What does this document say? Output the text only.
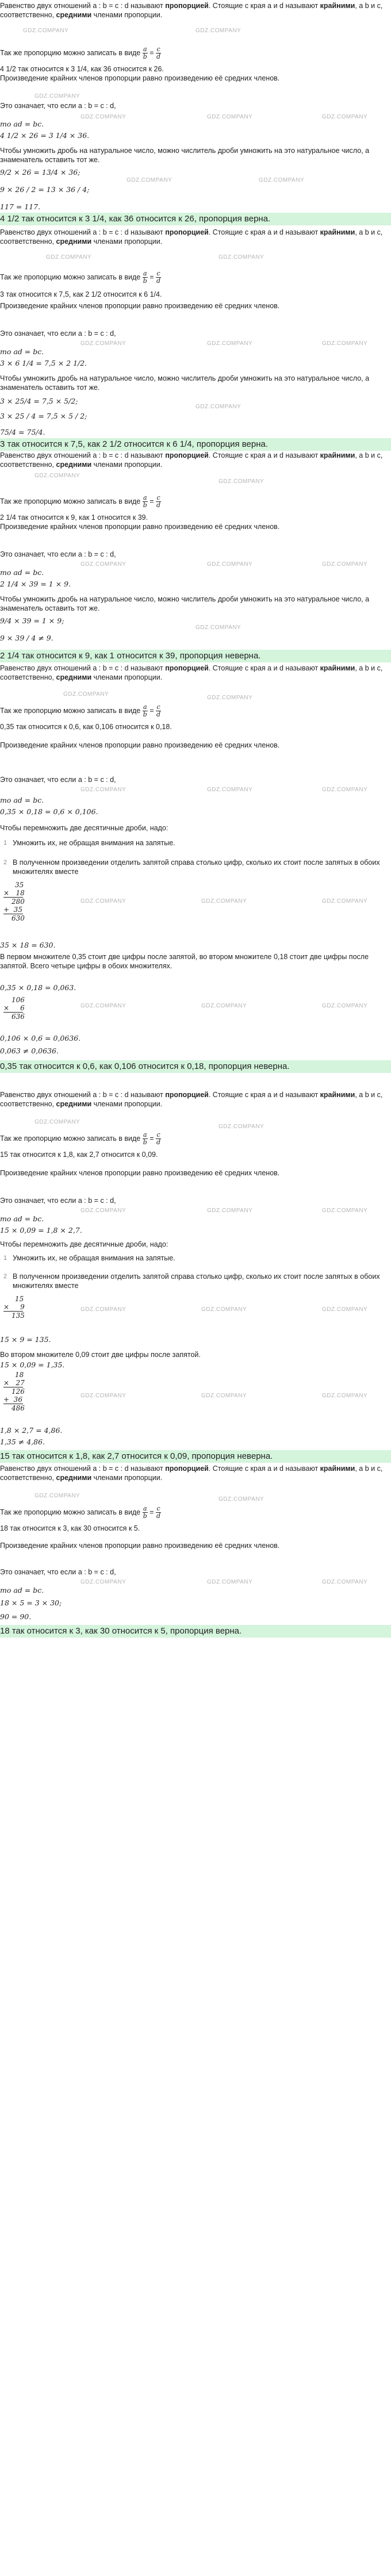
Равенство двух отношений a : b = c : d называют пропорцией. Стоящие с края a и d называют крайними, а b и c, соответственно, средними членами пропорции.
Так же пропорцию можно записать в виде $\frac{a}{b} = \frac{c}{d}$
4 1/2 так относится к 3 1/4, как 36 относится к 26.
Произведение крайних членов пропорции равно произведению её средних членов.
Это означает, что если a : b = c : d,
то ad = bc.
4 1/2 × 26 = 3 1/4 × 36.
Чтобы умножить дробь на натуральное число, можно числитель дроби умножить на это натуральное число, а знаменатель оставить тот же.
9/2 × 26 = 13/4 × 36;
9 × 26 / 2 = 13 × 36 / 4;
117 = 117.
4 1/2 так относится к 3 1/4, как 36 относится к 26, пропорция верна.
Равенство двух отношений a : b = c : d называют пропорцией. Стоящие с края a и d называют крайними, а b и c, соответственно, средними членами пропорции.
Так же пропорцию можно записать в виде $\frac{a}{b} = \frac{c}{d}$
3 так относится к 7,5, как 2 1/2 относится к 6 1/4.
Произведение крайних членов пропорции равно произведению её средних членов.
Это означает, что если a : b = c : d,
то ad = bc.
3 × 6 1/4 = 7,5 × 2 1/2.
Чтобы умножить дробь на натуральное число, можно числитель дроби умножить на это натуральное число, а знаменатель оставить тот же.
3 × 25/4 = 7,5 × 5/2;
3 × 25 / 4 = 7,5 × 5 / 2;
75/4 = 75/4.
3 так относится к 7,5, как 2 1/2 относится к 6 1/4, пропорция верна.
Равенство двух отношений a : b = c : d называют пропорцией. Стоящие с края a и d называют крайними, а b и c, соответственно, средними членами пропорции.
Так же пропорцию можно записать в виде $\frac{a}{b} = \frac{c}{d}$
2 1/4 так относится к 9, как 1 относится к 39.
Произведение крайних членов пропорции равно произведению её средних членов.
Это означает, что если a : b = c : d,
то ad = bc.
2 1/4 × 39 = 1 × 9.
Чтобы умножить дробь на натуральное число, можно числитель дроби умножить на это натуральное число, а знаменатель оставить тот же.
9/4 × 39 = 1 × 9;
9 × 39 / 4 ≠ 9.
2 1/4 так относится к 9, как 1 относится к 39, пропорция неверна.
Равенство двух отношений a : b = c : d называют пропорцией. Стоящие с края a и d называют крайними, а b и c, соответственно, средними членами пропорции.
Так же пропорцию можно записать в виде $\frac{a}{b} = \frac{c}{d}$
0,35 так относится к 0,6, как 0,106 относится к 0,18.
Произведение крайних членов пропорции равно произведению её средних членов.
Это означает, что если a : b = c : d,
то ad = bc.
0,35 × 0,18 = 0,6 × 0,106.
Чтобы перемножить две десятичные дроби, надо:
1 Умножить их, не обращая внимания на запятые.
2 В полученном произведении отделить запятой справа столько цифр, сколько их стоит после запятых в обоих множителях вместе
35
×   18
280
+  35
630
35 × 18 = 630.
В первом множителе 0,35 стоит две цифры после запятой, во втором множителе 0,18 стоит две цифры после запятой. Всего четыре цифры в обоих множителях.
0,35 × 0,18 = 0,063.
106
×     6
636
0,106 × 0,6 = 0,0636.
0,063 ≠ 0,0636.
0,35 так относится к 0,6, как 0,106 относится к 0,18, пропорция неверна.
Равенство двух отношений a : b = c : d называют пропорцией. Стоящие с края a и d называют крайними, а b и c, соответственно, средними членами пропорции.
Так же пропорцию можно записать в виде $\frac{a}{b} = \frac{c}{d}$
15 так относится к 1,8, как 2,7 относится к 0,09.
Произведение крайних членов пропорции равно произведению её средних членов.
Это означает, что если a : b = c : d,
то ad = bc.
15 × 0,09 = 1,8 × 2,7.
Чтобы перемножить две десятичные дроби, надо:
1 Умножить их, не обращая внимания на запятые.
2 В полученном произведении отделить запятой справа столько цифр, сколько их стоит после запятых в обоих множителях вместе
15
×     9
135
15 × 9 = 135.
Во втором множителе 0,09 стоит две цифры после запятой.
15 × 0,09 = 1,35.
18
×   27
126
+  36
486
1,8 × 2,7 = 4,86.
1,35 ≠ 4,86.
15 так относится к 1,8, как 2,7 относится к 0,09, пропорция неверна.
Равенство двух отношений a : b = c : d называют пропорцией. Стоящие с края a и d называют крайними, а b и c, соответственно, средними членами пропорции.
Так же пропорцию можно записать в виде $\frac{a}{b} = \frac{c}{d}$
18 так относится к 3, как 30 относится к 5.
Произведение крайних членов пропорции равно произведению её средних членов.
Это означает, что если a : b = c : d,
то ad = bc.
18 × 5 = 3 × 30;
90 = 90.
18 так относится к 3, как 30 относится к 5, пропорция верна.
GDZ.COMPANY	GDZ.COMPANY
GDZ.COMPANY
GDZ.COMPANY	GDZ.COMPANY	GDZ.COMPANY
GDZ.COMPANY	GDZ.COMPANY
GDZ.COMPANY	GDZ.COMPANY
GDZ.COMPANY	GDZ.COMPANY	GDZ.COMPANY
GDZ.COMPANY
GDZ.COMPANY
GDZ.COMPANY
GDZ.COMPANY	GDZ.COMPANY	GDZ.COMPANY
GDZ.COMPANY
GDZ.COMPANY
GDZ.COMPANY
GDZ.COMPANY	GDZ.COMPANY	GDZ.COMPANY
GDZ.COMPANY	GDZ.COMPANY	GDZ.COMPANY
GDZ.COMPANY	GDZ.COMPANY	GDZ.COMPANY
GDZ.COMPANY
GDZ.COMPANY
GDZ.COMPANY	GDZ.COMPANY	GDZ.COMPANY
GDZ.COMPANY	GDZ.COMPANY	GDZ.COMPANY
GDZ.COMPANY	GDZ.COMPANY	GDZ.COMPANY
GDZ.COMPANY
GDZ.COMPANY
GDZ.COMPANY	GDZ.COMPANY	GDZ.COMPANY
